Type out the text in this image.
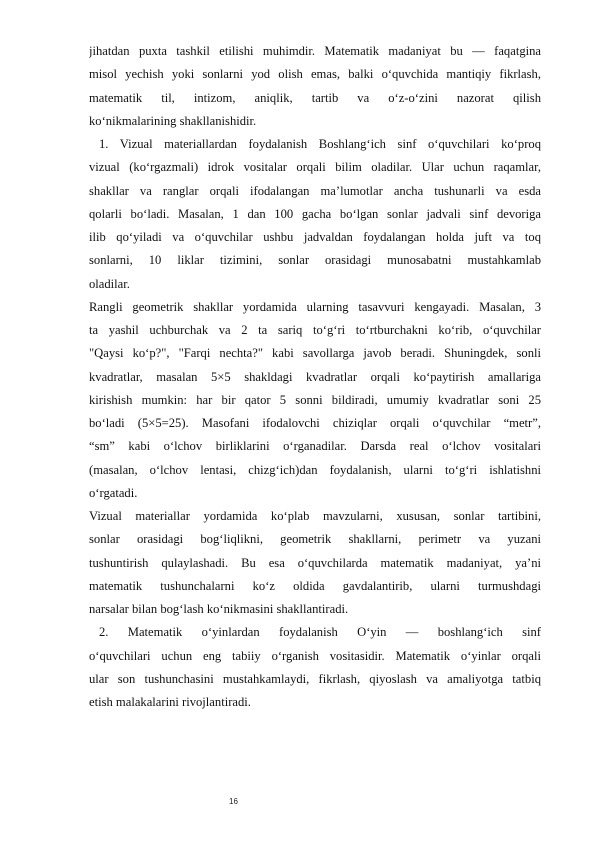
jihatdan puxta tashkil etilishi muhimdir. Matematik madaniyat bu — faqatgina
misol yechish yoki sonlarni yod olish emas, balki o‘quvchida mantiqiy fikrlash,
matematik til, intizom, aniqlik, tartib va o‘z-o‘zini nazorat qilish
ko‘nikmalarining shakllanishidir.
1. Vizual materiallardan foydalanish Boshlang‘ich sinf o‘quvchilari ko‘proq
vizual (ko‘rgazmali) idrok vositalar orqali bilim oladilar. Ular uchun raqamlar,
shakllar va ranglar orqali ifodalangan ma’lumotlar ancha tushunarli va esda
qolarli bo‘ladi. Masalan, 1 dan 100 gacha bo‘lgan sonlar jadvali sinf devoriga
ilib qo‘yiladi va o‘quvchilar ushbu jadvaldan foydalangan holda juft va toq
sonlarni, 10 liklar tizimini, sonlar orasidagi munosabatni mustahkamlab
oladilar.
Rangli geometrik shakllar yordamida ularning tasavvuri kengayadi. Masalan, 3
ta yashil uchburchak va 2 ta sariq to‘g‘ri to‘rtburchakni ko‘rib, o‘quvchilar
"Qaysi ko‘p?", "Farqi nechta?" kabi savollarga javob beradi. Shuningdek, sonli
kvadratlar, masalan 5×5 shakldagi kvadratlar orqali ko‘paytirish amallariga
kirishish mumkin: har bir qator 5 sonni bildiradi, umumiy kvadratlar soni 25
bo‘ladi (5×5=25). Masofani ifodalovchi chiziqlar orqali o‘quvchilar “metr”,
“sm” kabi o‘lchov birliklarini o‘rganadilar. Darsda real o‘lchov vositalari
(masalan, o‘lchov lentasi, chizg‘ich)dan foydalanish, ularni to‘g‘ri ishlatishni
o‘rgatadi.
Vizual materiallar yordamida ko‘plab mavzularni, xususan, sonlar tartibini,
sonlar orasidagi bog‘liqlikni, geometrik shakllarni, perimetr va yuzani
tushuntirish qulaylashadi. Bu esa o‘quvchilarda matematik madaniyat, ya’ni
matematik tushunchalarni ko‘z oldida gavdalantirib, ularni turmushdagi
narsalar bilan bog‘lash ko‘nikmasini shakllantiradi.
2. Matematik o‘yinlardan foydalanish O‘yin — boshlang‘ich sinf
o‘quvchilari uchun eng tabiiy o‘rganish vositasidir. Matematik o‘yinlar orqali
ular son tushunchasini mustahkamlaydi, fikrlash, qiyoslash va amaliyotga tatbiq
etish malakalarini rivojlantiradi.
16
